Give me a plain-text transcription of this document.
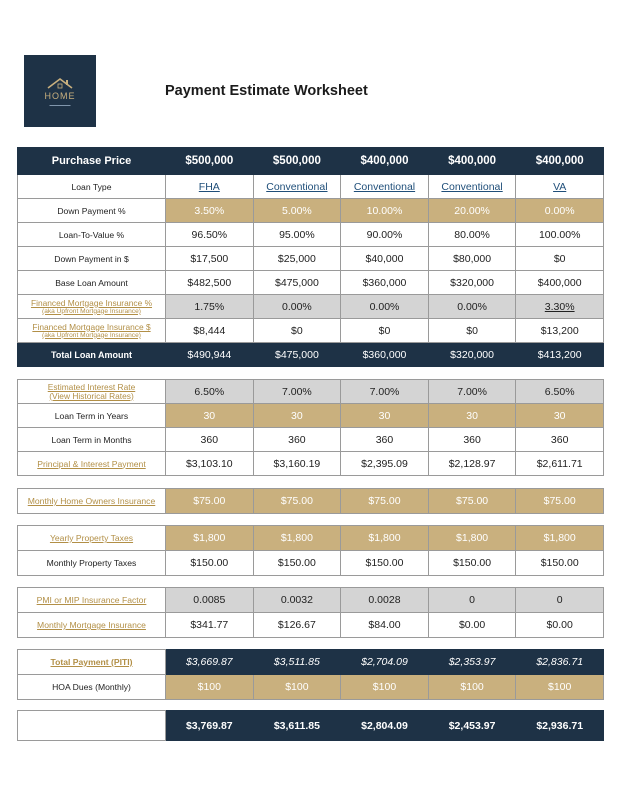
HOME
▬▬▬▬▬▬▬
Payment Estimate Worksheet
Purchase Price	$500,000	$500,000	$400,000	$400,000	$400,000
Loan Type	FHA	Conventional	Conventional	Conventional	VA
Down Payment %	3.50%	5.00%	10.00%	20.00%	0.00%
Loan-To-Value %	96.50%	95.00%	90.00%	80.00%	100.00%
Down Payment in $	$17,500	$25,000	$40,000	$80,000	$0
Base Loan Amount	$482,500	$475,000	$360,000	$320,000	$400,000

Financed Mortgage Insurance %
(aka Upfront Mortgage Insurance)	1.75%	0.00%	0.00%	0.00%	3.30%

Financed Mortgage Insurance $
(aka Upfront Mortgage Insurance)	$8,444	$0	$0	$0	$13,200
Total Loan Amount	$490,944	$475,000	$360,000	$320,000	$413,200
Estimated Interest Rate
(View Historical Rates)	6.50%	7.00%	7.00%	7.00%	6.50%
Loan Term in Years	30	30	30	30	30
Loan Term in Months	360	360	360	360	360
Principal & Interest Payment	$3,103.10	$3,160.19	$2,395.09	$2,128.97	$2,611.71
Monthly Home Owners Insurance	$75.00	$75.00	$75.00	$75.00	$75.00
Yearly Property Taxes	$1,800	$1,800	$1,800	$1,800	$1,800
Monthly Property Taxes	$150.00	$150.00	$150.00	$150.00	$150.00
PMI or MIP Insurance Factor	0.0085	0.0032	0.0028	0	0
Monthly Mortgage Insurance	$341.77	$126.67	$84.00	$0.00	$0.00
Total Payment (PITI)	$3,669.87	$3,511.85	$2,704.09	$2,353.97	$2,836.71
HOA Dues (Monthly)	$100	$100	$100	$100	$100
Total Housing Payment (Including HOA)	$3,769.87	$3,611.85	$2,804.09	$2,453.97	$2,936.71
